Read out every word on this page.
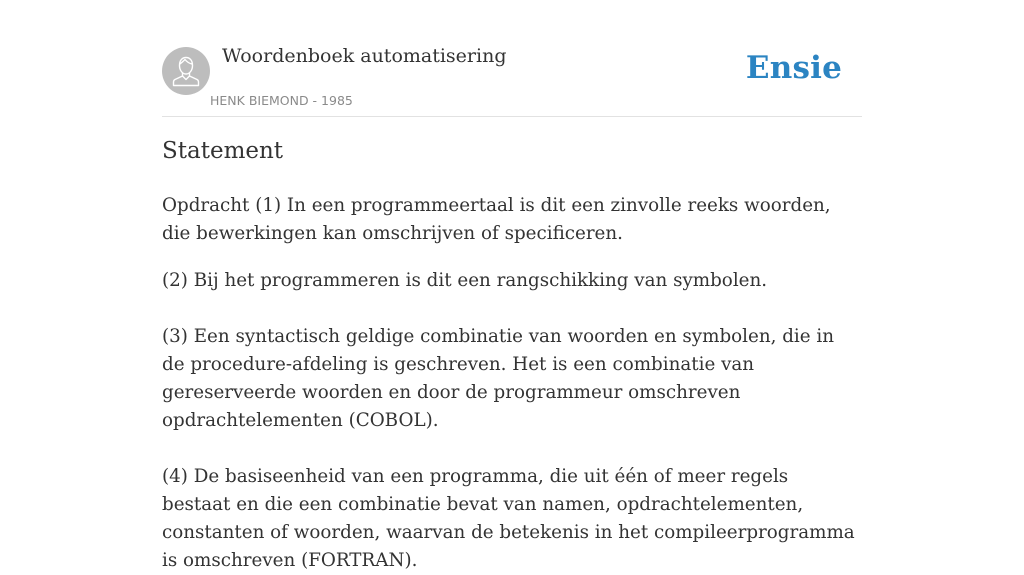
Woordenboek automatisering
HENK BIEMOND - 1985
Ensie
Statement

Opdracht (1) In een programmeertaal is dit een zinvolle reeks woorden, die bewerkingen kan omschrijven of specificeren.

(2) Bij het programmeren is dit een rangschikking van symbolen.

(3) Een syntactisch geldige combinatie van woorden en symbolen, die in de procedure-afdeling is geschreven. Het is een combinatie van gereserveerde woorden en door de programmeur omschreven opdrachtelementen (COBOL).

(4) De basiseenheid van een programma, die uit één of meer regels bestaat en die een combinatie bevat van namen, opdrachtelementen, constanten of woorden, waarvan de betekenis in het compileerprogramma is omschreven (FORTRAN).
